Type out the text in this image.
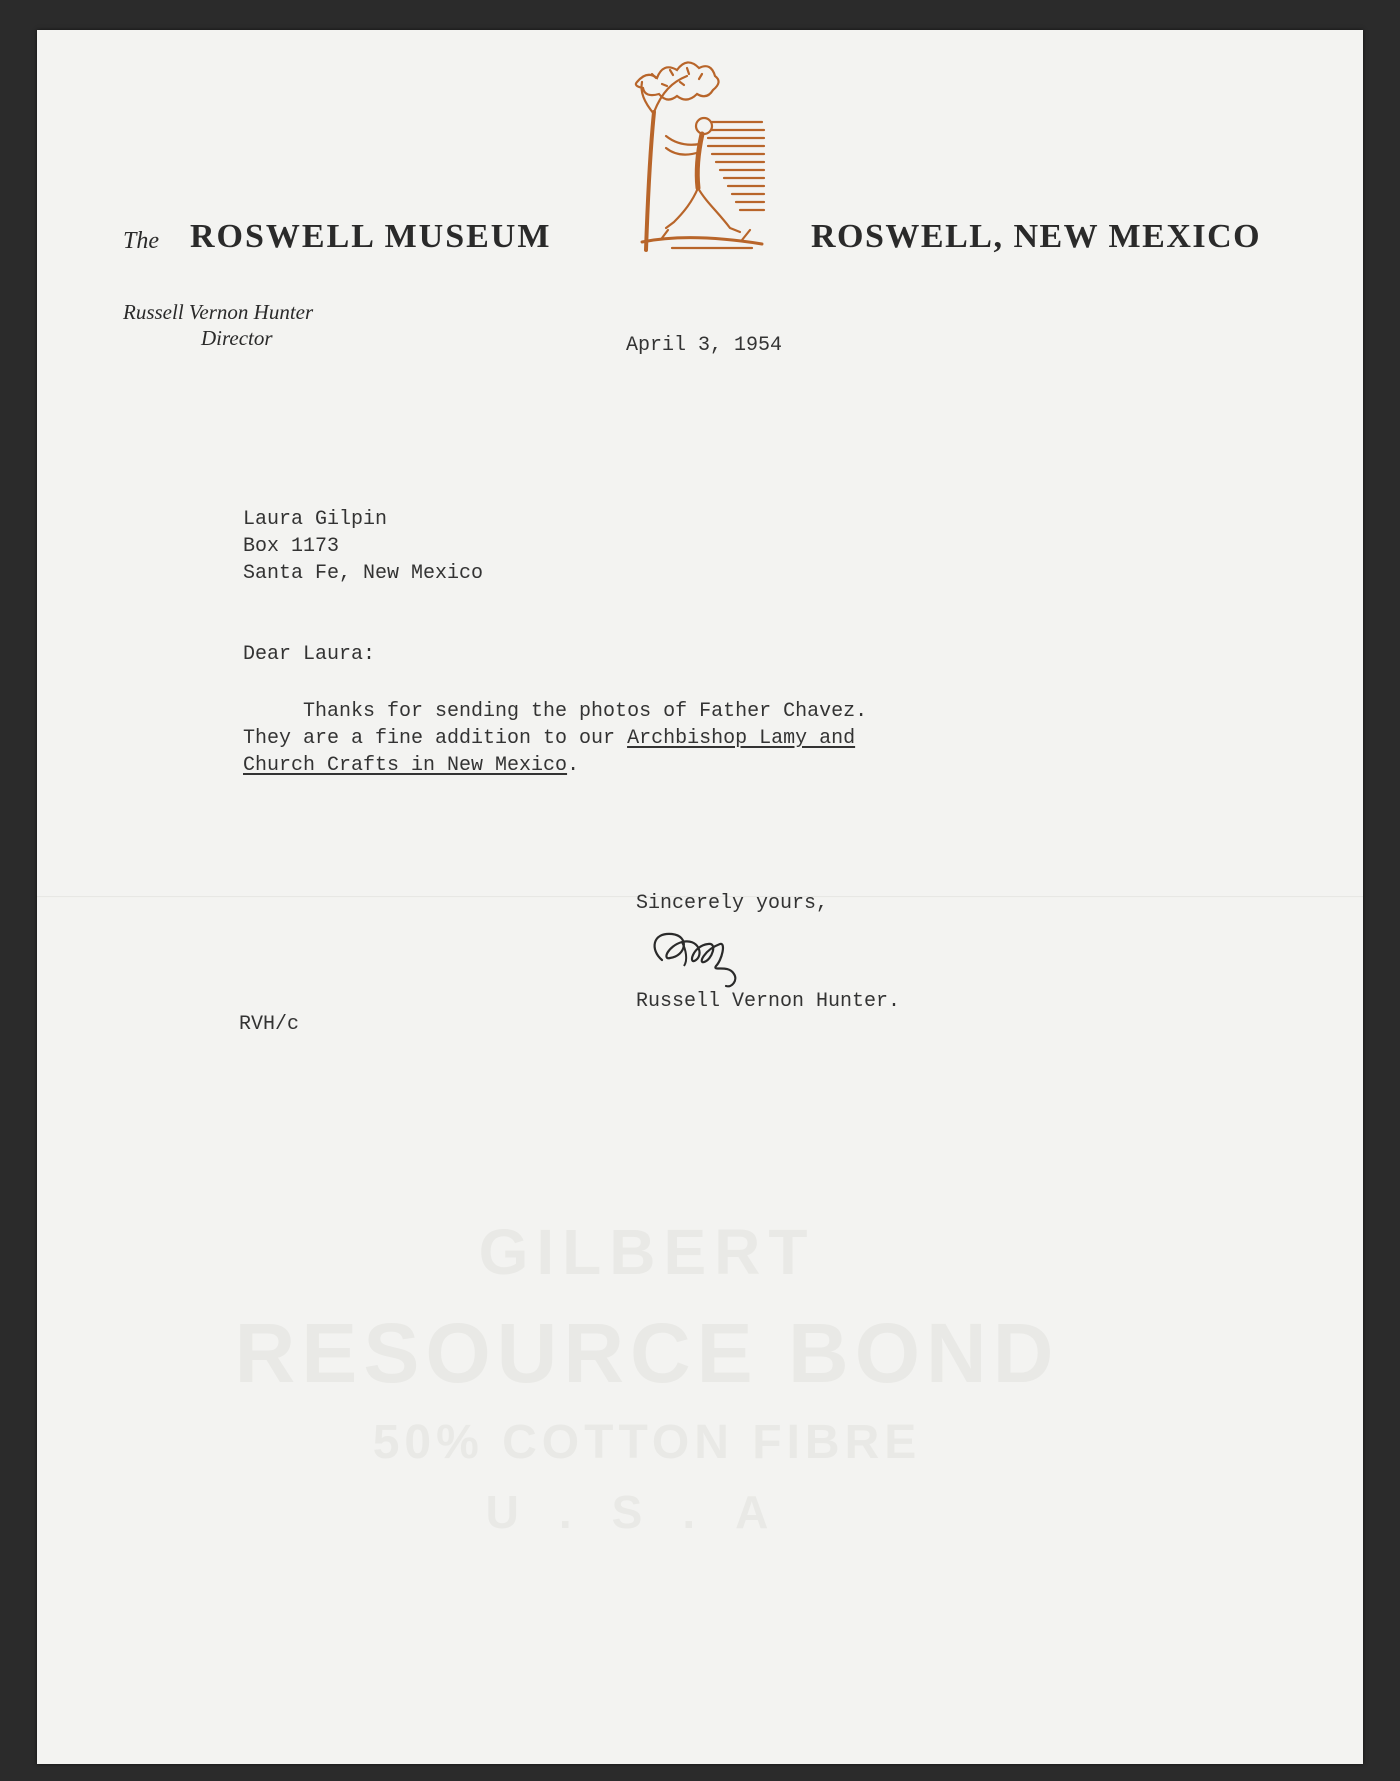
The ROSWELL MUSEUM	ROSWELL, NEW MEXICO
Russell Vernon Hunter
Director	April 3, 1954
Laura Gilpin
Box 1173
Santa Fe, New Mexico
Dear Laura:
Thanks for sending the photos of Father Chavez.
They are a fine addition to our Archbishop Lamy and
Church Crafts in New Mexico.
Sincerely yours,
Russell Vernon Hunter.
RVH/c
GILBERT
RESOURCE BOND
50% COTTON FIBRE
U.S.A
